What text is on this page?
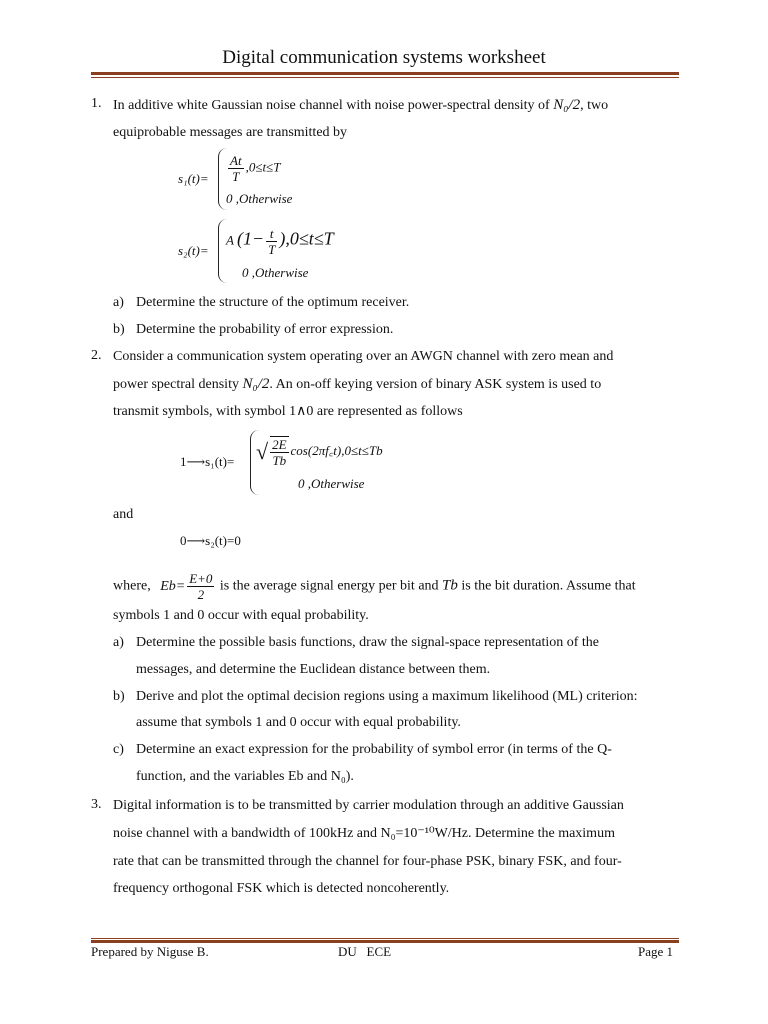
Digital communication systems worksheet
1. In additive white Gaussian noise channel with noise power-spectral density of N₀/2, two
equiprobable messages are transmitted by
$s_1(t)= \frac{At}{T} ,0\le t\le T$
0 ,Otherwise
s₂(t)=
A $(1- \frac{t}{T} ),0\le t\le T$
0 ,Otherwise
a) Determine the structure of the optimum receiver.
b) Determine the probability of error expression.
2. Consider a communication system operating over an AWGN channel with zero mean and
power spectral density N₀/2. An on-off keying version of binary ASK system is used to
transmit symbols, with symbol 1∧0 are represented as follows
1⟶s₁(t)= √ $\frac{2E}{Tb}$ cos(2πf꜀t),0≤t≤Tb
0 ,Otherwise
and
0⟶s₂(t)=0
where, $Eb= \frac{E+0}{2}$ is the average signal energy per bit and Tb is the bit duration. Assume that
symbols 1 and 0 occur with equal probability.
a) Determine the possible basis functions, draw the signal-space representation of the
messages, and determine the Euclidean distance between them.
b) Derive and plot the optimal decision regions using a maximum likelihood (ML) criterion:
assume that symbols 1 and 0 occur with equal probability.
c) Determine an exact expression for the probability of symbol error (in terms of the Q-
function, and the variables Eb and N₀).
3. Digital information is to be transmitted by carrier modulation through an additive Gaussian
noise channel with a bandwidth of 100kHz and N₀=10⁻¹⁰W/Hz. Determine the maximum
rate that can be transmitted through the channel for four-phase PSK, binary FSK, and four-
frequency orthogonal FSK which is detected noncoherently.
Prepared by Niguse B.	DU   ECE	Page 1
